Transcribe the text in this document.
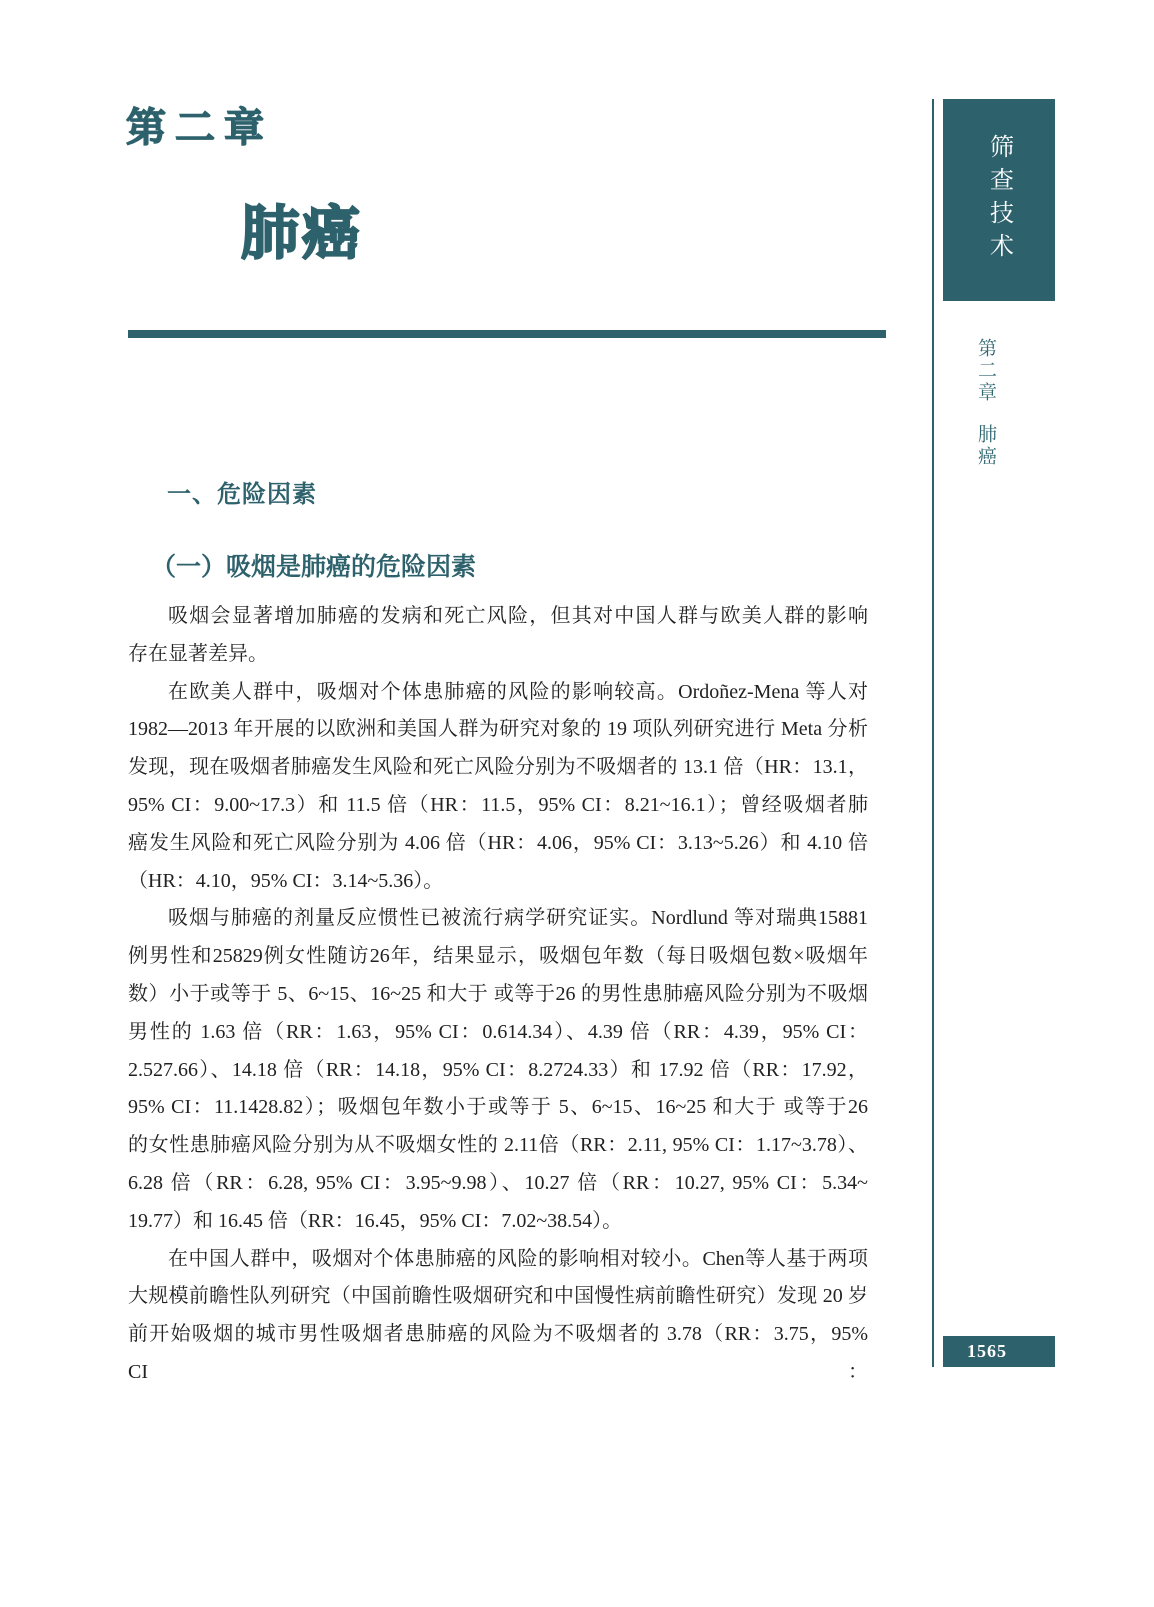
第二章
肺癌	筛查技术
第二章
肺癌
1565
一、危险因素
（一）吸烟是肺癌的危险因素
吸烟会显著增加肺癌的发病和死亡风险，但其对中国人群与欧美人群的影响
存在显著差异。
在欧美人群中，吸烟对个体患肺癌的风险的影响较高。Ordoñez-Mena 等人对
1982—2013 年开展的以欧洲和美国人群为研究对象的 19 项队列研究进行 Meta 分析
发现，现在吸烟者肺癌发生风险和死亡风险分别为不吸烟者的 13.1 倍（HR：13.1，
95% CI：9.00~17.3）和 11.5 倍（HR：11.5，95% CI：8.21~16.1）；曾经吸烟者肺
癌发生风险和死亡风险分别为 4.06 倍（HR：4.06，95% CI：3.13~5.26）和 4.10 倍
（HR：4.10，95% CI：3.14~5.36）。
吸烟与肺癌的剂量反应惯性已被流行病学研究证实。Nordlund 等对瑞典15881
例男性和25829例女性随访26年，结果显示，吸烟包年数（每日吸烟包数×吸烟年
数）小于或等于 5、6~15、16~25 和大于 或等于26 的男性患肺癌风险分别为不吸烟
男性的 1.63 倍（RR：1.63，95% CI：0.614.34）、4.39 倍（RR：4.39，95% CI：
2.527.66）、14.18 倍（RR：14.18，95% CI：8.2724.33）和 17.92 倍（RR：17.92，
95% CI：11.1428.82）；吸烟包年数小于或等于 5、6~15、16~25 和大于 或等于26
的女性患肺癌风险分别为从不吸烟女性的 2.11倍（RR：2.11, 95% CI：1.17~3.78）、
6.28 倍（RR：6.28, 95% CI：3.95~9.98）、10.27 倍（RR：10.27, 95% CI：5.34~
19.77）和 16.45 倍（RR：16.45，95% CI：7.02~38.54）。
在中国人群中，吸烟对个体患肺癌的风险的影响相对较小。Chen等人基于两项
大规模前瞻性队列研究（中国前瞻性吸烟研究和中国慢性病前瞻性研究）发现 20 岁
前开始吸烟的城市男性吸烟者患肺癌的风险为不吸烟者的 3.78（RR：3.75，95% CI：
